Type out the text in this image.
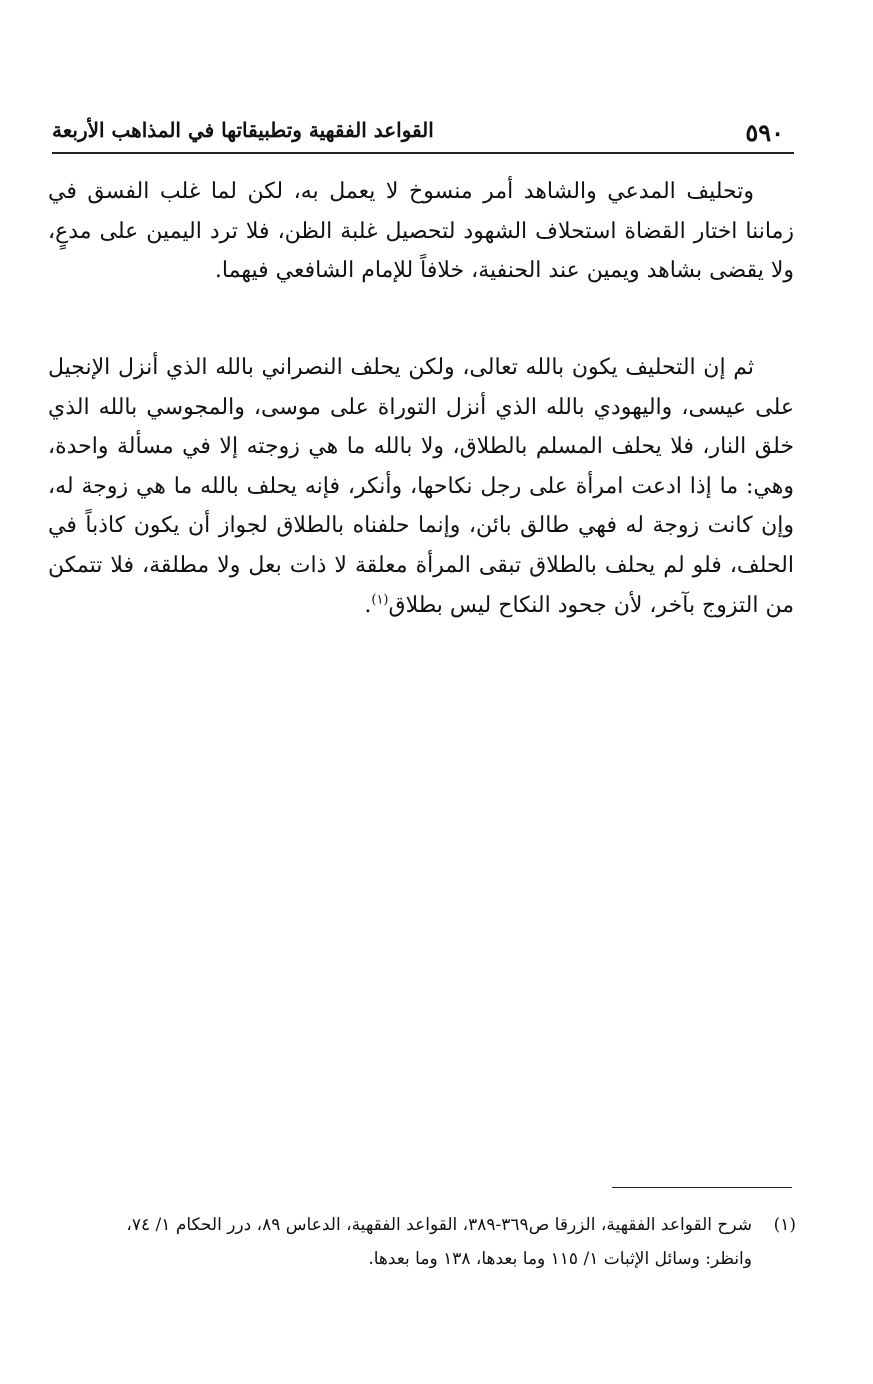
٥٩٠
القواعد الفقهية وتطبيقاتها في المذاهب الأربعة

وتحليف المدعي والشاهد أمر منسوخ لا يعمل به، لكن لما غلب الفسق في زماننا اختار القضاة استحلاف الشهود لتحصيل غلبة الظن، فلا ترد اليمين على مدعٍ، ولا يقضى بشاهد ويمين عند الحنفية، خلافاً للإمام الشافعي فيهما.

ثم إن التحليف يكون بالله تعالى، ولكن يحلف النصراني بالله الذي أنزل الإنجيل على عيسى، واليهودي بالله الذي أنزل التوراة على موسى، والمجوسي بالله الذي خلق النار، فلا يحلف المسلم بالطلاق، ولا بالله ما هي زوجته إلا في مسألة واحدة، وهي: ما إذا ادعت امرأة على رجل نكاحها، وأنكر، فإنه يحلف بالله ما هي زوجة له، وإن كانت زوجة له فهي طالق بائن، وإنما حلفناه بالطلاق لجواز أن يكون كاذباً في الحلف، فلو لم يحلف بالطلاق تبقى المرأة معلقة لا ذات بعل ولا مطلقة، فلا تتمكن من التزوج بآخر، لأن جحود النكاح ليس بطلاق$^{(١)}$.

(١)
شرح القواعد الفقهية، الزرقا ص٣٦٩-٣٨٩، القواعد الفقهية، الدعاس ٨٩، درر الحكام ١/ ٧٤،
وانظر: وسائل الإثبات ١/ ١١٥ وما بعدها، ١٣٨ وما بعدها.
